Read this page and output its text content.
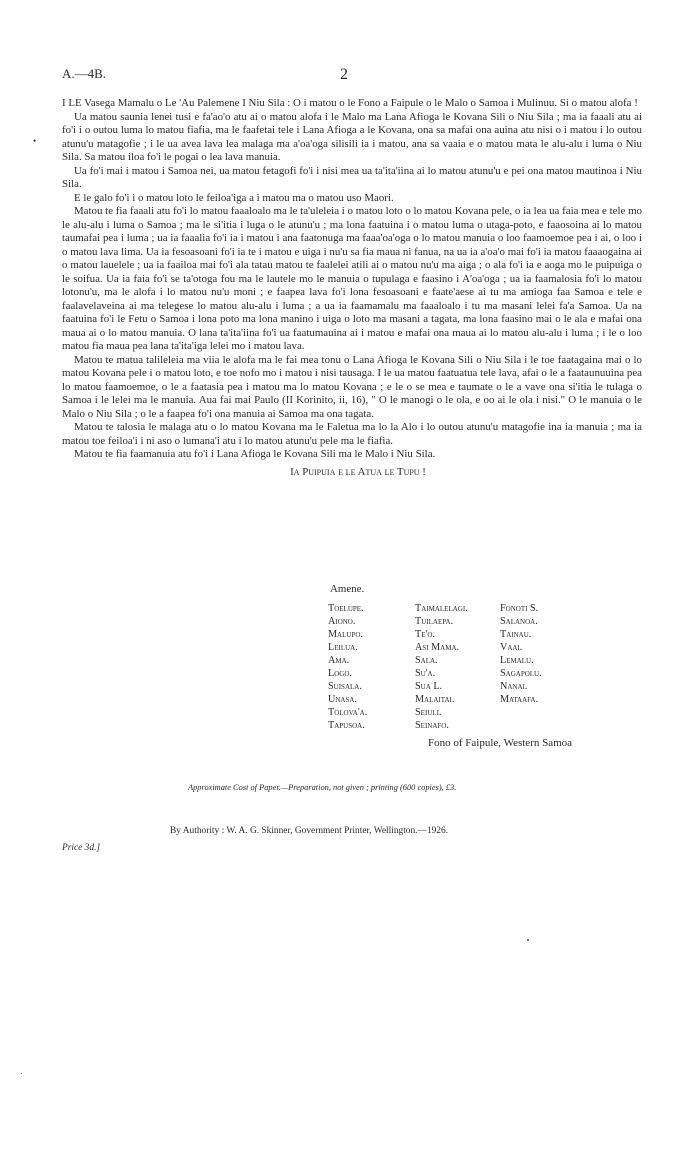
A.—4B.	2
•

I LE Vasega Mamalu o Le 'Au Palemene I Niu Sila : O i matou o le Fono a Faipule o le Malo o Samoa i Mulinuu. Si o matou alofa !

Ua matou saunia lenei tusi e fa'ao'o atu ai o matou alofa i le Malo ma Lana Afioga le Kovana Sili o Niu Sila ; ma ia faaali atu ai fo'i i o outou luma lo matou fiafia, ma le faafetai tele i Lana Afioga a le Kovana, ona sa mafai ona auina atu nisi o i matou i lo outou atunu'u matagofie ; i le ua avea lava lea malaga ma a'oa'oga silisili ia i matou, ana sa vaaia e o matou mata le alu-alu i luma o Niu Sila. Sa matou iloa fo'i le pogai o lea lava manuia.

Ua fo'i mai i matou i Samoa nei, ua matou fetagofi fo'i i nisi mea ua ta'ita'iina ai lo matou atunu'u e pei ona matou mautinoa i Niu Sila.

E le galo fo'i i o matou loto le feiloa'iga a i matou ma o matou uso Maori.

Matou te fia faaali atu fo'i lo matou faaaloalo ma le ta'uleleia i o matou loto o lo matou Kovana pele, o ia lea ua faia mea e tele mo le alu-alu i luma o Samoa ; ma le si'itia i luga o le atunu'u ; ma lona faatuina i o matou luma o utaga-poto, e faaosoina ai lo matou taumafai pea i luma ; ua ia faaalia fo'i ia i matou i ana faatonuga ma faaa'oa'oga o lo matou manuia o loo faamoemoe pea i ai, o loo i o matou lava lima. Ua ia fesoasoani fo'i ia te i matou e uiga i nu'u sa fia maua ni fanua, na ua ia a'oa'o mai fo'i ia matou faaaogaina ai o matou lauelele ; ua ia faailoa mai fo'i ala tatau matou te faalelei atili ai o matou nu'u ma aiga ; o ala fo'i ia e aoga mo le puipuiga o le soifua. Ua ia faia fo'i se ta'otoga fou ma le lautele mo le manuia o tupulaga e faasino i A'oa'oga ; ua ia faamalosia fo'i lo matou lotonu'u, ma le alofa i lo matou nu'u moni ; e faapea lava fo'i lona fesoasoani e faate'aese ai tu ma amioga faa Samoa e tele e faalavelaveina ai ma telegese lo matou alu-alu i luma ; a ua ia faamamalu ma faaaloalo i tu ma masani lelei fa'a Samoa. Ua na faatuina fo'i le Fetu o Samoa i lona poto ma lona manino i uiga o loto ma masani a tagata, ma lona faasino mai o le ala e mafai ona maua ai o lo matou manuia. O lana ta'ita'iina fo'i ua faatumauina ai i matou e mafai ona maua ai lo matou alu-alu i luma ; i le o loo matou fia maua pea lana ta'ita'iga lelei mo i matou lava.

Matou te matua talileleia ma viia le alofa ma le fai mea tonu o Lana Afioga le Kovana Sili o Niu Sila i le toe faatagaina mai o lo matou Kovana pele i o matou loto, e toe nofo mo i matou i nisi tausaga. I le ua matou faatuatua tele lava, afai o le a faataunuuina pea lo matou faamoemoe, o le a faatasia pea i matou ma lo matou Kovana ; e le o se mea e taumate o le a vave ona si'itia le tulaga o Samoa i le lelei ma le manuia. Aua fai mai Paulo (II Korinito, ii, 16), " O le manogi o le ola, e oo ai le ola i nisi." O le manuia o le Malo o Niu Sila ; o le a faapea fo'i ona manuia ai Samoa ma ona tagata.

Matou te talosia le malaga atu o lo matou Kovana ma le Faletua ma lo la Alo i lo outou atunu'u matagofie ina ia manuia ; ma ia matou toe feiloa'i i ni aso o lumana'i atu i lo matou atunu'u pele ma le fiafia.

Matou te fia faamanuia atu fo'i i Lana Afioga le Kovana Sili ma le Malo i Niu Sila.

Ia Puipuia e le Atua le Tupu !

Amene.
Toelupe.
Aiono.
Malupo.
Leilua.
Ama.
Logo.
Suisala.
Unasa.
Tolova'a.
Tapusoa.
Taimalelagi.
Tuilaepa.
Te'o.
Asi Mama.
Sala.
Su'a.
Sua L.
Malaitai.
Seiuli.
Seinafo.
Fonoti S.
Salanoa.
Tainau.
Vaai.
Lemalu.
Sagapolu.
Nanai.
Mataafa.
Fono of Faipule, Western Samoa
Approximate Cost of Paper.—Preparation, not given ; printing (600 copies), £3.
By Authority : W. A. G. Skinner, Government Printer, Wellington.—1926.
Price 3d.]
